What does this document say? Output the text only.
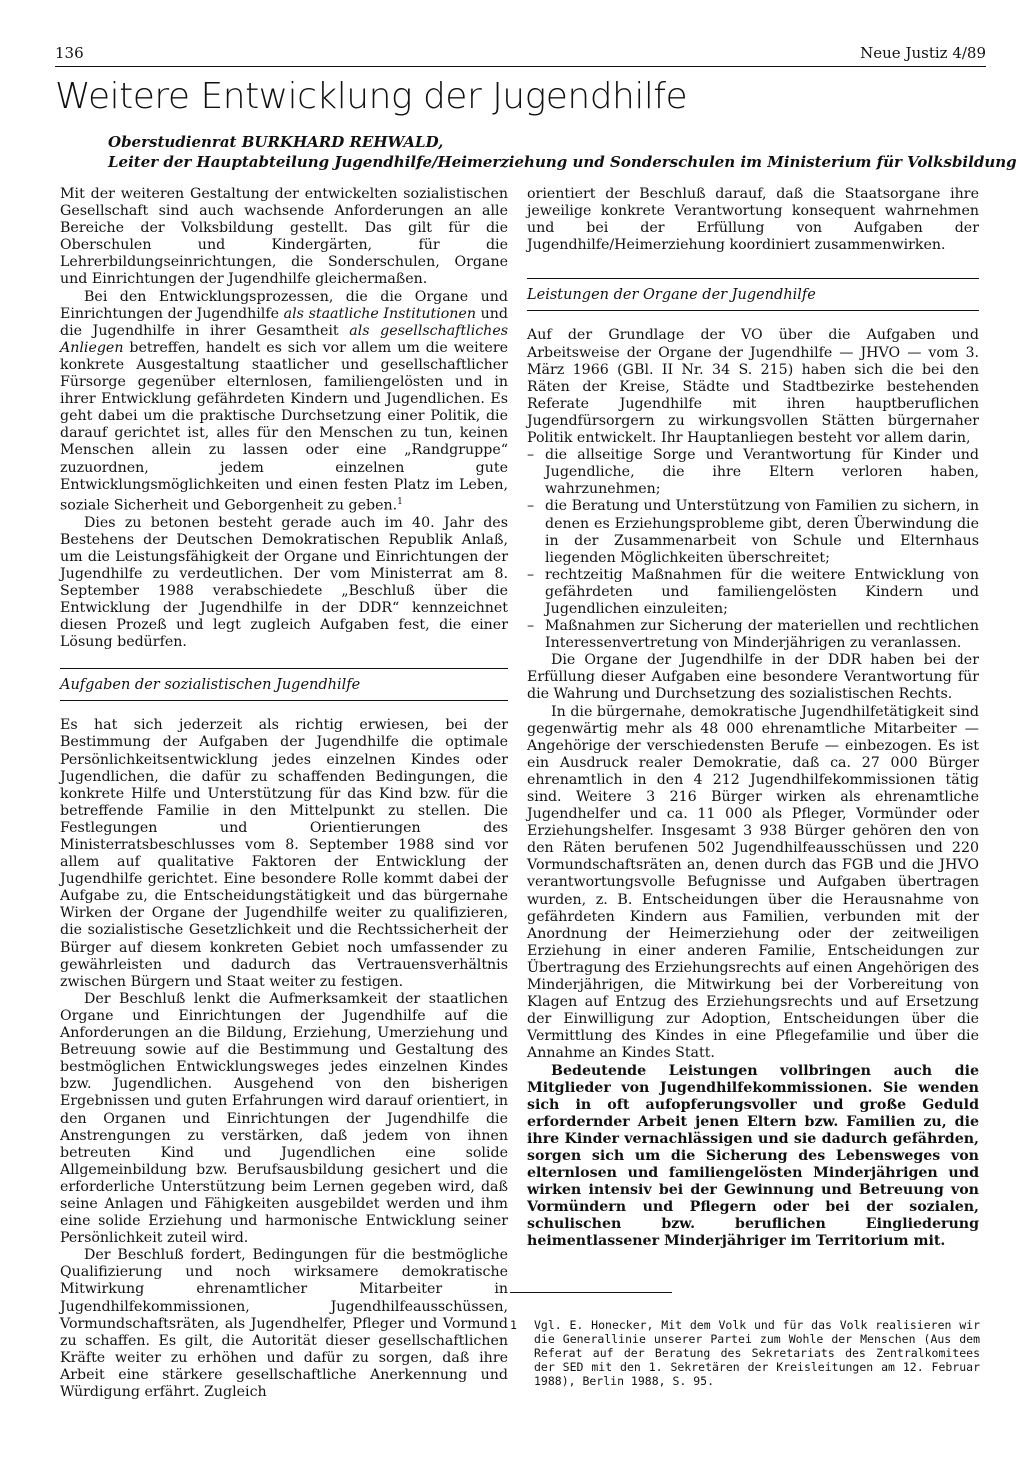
136	Neue Justiz 4/89
Weitere Entwicklung der Jugendhilfe
Oberstudienrat BURKHARD REHWALD,
Leiter der Hauptabteilung Jugendhilfe/Heimerziehung und Sonderschulen im Ministerium für Volksbildung

Mit der weiteren Gestaltung der entwickelten sozialistischen Gesellschaft sind auch wachsende Anforderungen an alle Bereiche der Volksbildung gestellt. Das gilt für die Oberschulen und Kindergärten, für die Lehrerbildungseinrichtungen, die Sonderschulen, Organe und Einrichtungen der Jugendhilfe gleichermaßen.

Bei den Entwicklungsprozessen, die die Organe und Einrichtungen der Jugendhilfe als staatliche Institutionen und die Jugendhilfe in ihrer Gesamtheit als gesellschaftliches Anliegen betreffen, handelt es sich vor allem um die weitere konkrete Ausgestaltung staatlicher und gesellschaftlicher Fürsorge gegenüber elternlosen, familiengelösten und in ihrer Entwicklung gefährdeten Kindern und Jugendlichen. Es geht dabei um die praktische Durchsetzung einer Politik, die darauf gerichtet ist, alles für den Menschen zu tun, keinen Menschen allein zu lassen oder eine „Randgruppe“ zuzuordnen, jedem einzelnen gute Entwicklungsmöglichkeiten und einen festen Platz im Leben, soziale Sicherheit und Geborgenheit zu geben.$^1$

Dies zu betonen besteht gerade auch im 40. Jahr des Bestehens der Deutschen Demokratischen Republik Anlaß, um die Leistungsfähigkeit der Organe und Einrichtungen der Jugendhilfe zu verdeutlichen. Der vom Ministerrat am 8. September 1988 verabschiedete „Beschluß über die Entwicklung der Jugendhilfe in der DDR“ kennzeichnet diesen Prozeß und legt zugleich Aufgaben fest, die einer Lösung bedürfen.

Aufgaben der sozialistischen Jugendhilfe

Es hat sich jederzeit als richtig erwiesen, bei der Bestimmung der Aufgaben der Jugendhilfe die optimale Persönlichkeitsentwicklung jedes einzelnen Kindes oder Jugendlichen, die dafür zu schaffenden Bedingungen, die konkrete Hilfe und Unterstützung für das Kind bzw. für die betreffende Familie in den Mittelpunkt zu stellen. Die Festlegungen und Orientierungen des Ministerratsbeschlusses vom 8. September 1988 sind vor allem auf qualitative Faktoren der Entwicklung der Jugendhilfe gerichtet. Eine besondere Rolle kommt dabei der Aufgabe zu, die Entscheidungstätigkeit und das bürgernahe Wirken der Organe der Jugendhilfe weiter zu qualifizieren, die sozialistische Gesetzlichkeit und die Rechtssicherheit der Bürger auf diesem konkreten Gebiet noch umfassender zu gewährleisten und dadurch das Vertrauensverhältnis zwischen Bürgern und Staat weiter zu festigen.

Der Beschluß lenkt die Aufmerksamkeit der staatlichen Organe und Einrichtungen der Jugendhilfe auf die Anforderungen an die Bildung, Erziehung, Umerziehung und Betreuung sowie auf die Bestimmung und Gestaltung des bestmöglichen Entwicklungsweges jedes einzelnen Kindes bzw. Jugendlichen. Ausgehend von den bisherigen Ergebnissen und guten Erfahrungen wird darauf orientiert, in den Organen und Einrichtungen der Jugendhilfe die Anstrengungen zu verstärken, daß jedem von ihnen betreuten Kind und Jugendlichen eine solide Allgemeinbildung bzw. Berufsausbildung gesichert und die erforderliche Unterstützung beim Lernen gegeben wird, daß seine Anlagen und Fähigkeiten ausgebildet werden und ihm eine solide Erziehung und harmonische Entwicklung seiner Persönlichkeit zuteil wird.

Der Beschluß fordert, Bedingungen für die bestmögliche Qualifizierung und noch wirksamere demokratische Mitwirkung ehrenamtlicher Mitarbeiter in Jugendhilfekommissionen, Jugendhilfeausschüssen, Vormundschaftsräten, als Jugendhelfer, Pfleger und Vormund zu schaffen. Es gilt, die Autorität dieser gesellschaftlichen Kräfte weiter zu erhöhen und dafür zu sorgen, daß ihre Arbeit eine stärkere gesellschaftliche Anerkennung und Würdigung erfährt. Zugleich

orientiert der Beschluß darauf, daß die Staatsorgane ihre jeweilige konkrete Verantwortung konsequent wahrnehmen und bei der Erfüllung von Aufgaben der Jugendhilfe/Heimerziehung koordiniert zusammenwirken.

Leistungen der Organe der Jugendhilfe

Auf der Grundlage der VO über die Aufgaben und Arbeitsweise der Organe der Jugendhilfe — JHVO — vom 3. März 1966 (GBl. II Nr. 34 S. 215) haben sich die bei den Räten der Kreise, Städte und Stadtbezirke bestehenden Referate Jugendhilfe mit ihren hauptberuflichen Jugendfürsorgern zu wirkungsvollen Stätten bürgernaher Politik entwickelt. Ihr Hauptanliegen besteht vor allem darin,

– die allseitige Sorge und Verantwortung für Kinder und Jugendliche, die ihre Eltern verloren haben, wahrzunehmen;
– die Beratung und Unterstützung von Familien zu sichern, in denen es Erziehungsprobleme gibt, deren Überwindung die in der Zusammenarbeit von Schule und Elternhaus liegenden Möglichkeiten überschreitet;
– rechtzeitig Maßnahmen für die weitere Entwicklung von gefährdeten und familiengelösten Kindern und Jugendlichen einzuleiten;
– Maßnahmen zur Sicherung der materiellen und rechtlichen Interessenvertretung von Minderjährigen zu veranlassen.

Die Organe der Jugendhilfe in der DDR haben bei der Erfüllung dieser Aufgaben eine besondere Verantwortung für die Wahrung und Durchsetzung des sozialistischen Rechts.

In die bürgernahe, demokratische Jugendhilfetätigkeit sind gegenwärtig mehr als 48 000 ehrenamtliche Mitarbeiter — Angehörige der verschiedensten Berufe — einbezogen. Es ist ein Ausdruck realer Demokratie, daß ca. 27 000 Bürger ehrenamtlich in den 4 212 Jugendhilfekommissionen tätig sind. Weitere 3 216 Bürger wirken als ehrenamtliche Jugendhelfer und ca. 11 000 als Pfleger, Vormünder oder Erziehungshelfer. Insgesamt 3 938 Bürger gehören den von den Räten berufenen 502 Jugendhilfeausschüssen und 220 Vormundschaftsräten an, denen durch das FGB und die JHVO verantwortungsvolle Befugnisse und Aufgaben übertragen wurden, z. B. Entscheidungen über die Herausnahme von gefährdeten Kindern aus Familien, verbunden mit der Anordnung der Heimerziehung oder der zeitweiligen Erziehung in einer anderen Familie, Entscheidungen zur Übertragung des Erziehungsrechts auf einen Angehörigen des Minderjährigen, die Mitwirkung bei der Vorbereitung von Klagen auf Entzug des Erziehungsrechts und auf Ersetzung der Einwilligung zur Adoption, Entscheidungen über die Vermittlung des Kindes in eine Pflegefamilie und über die Annahme an Kindes Statt.

Bedeutende Leistungen vollbringen auch die Mitglieder von Jugendhilfekommissionen. Sie wenden sich in oft aufopferungsvoller und große Geduld erfordernder Arbeit jenen Eltern bzw. Familien zu, die ihre Kinder vernachlässigen und sie dadurch gefährden, sorgen sich um die Sicherung des Lebensweges von elternlosen und familiengelösten Minderjährigen und wirken intensiv bei der Gewinnung und Betreuung von Vormündern und Pflegern oder bei der sozialen, schulischen bzw. beruflichen Eingliederung heimentlassener Minderjähriger im Territorium mit.

1 Vgl. E. Honecker, Mit dem Volk und für das Volk realisieren wir die Generallinie unserer Partei zum Wohle der Menschen (Aus dem Referat auf der Beratung des Sekretariats des Zentralkomitees der SED mit den 1. Sekretären der Kreisleitungen am 12. Februar 1988), Berlin 1988, S. 95.
